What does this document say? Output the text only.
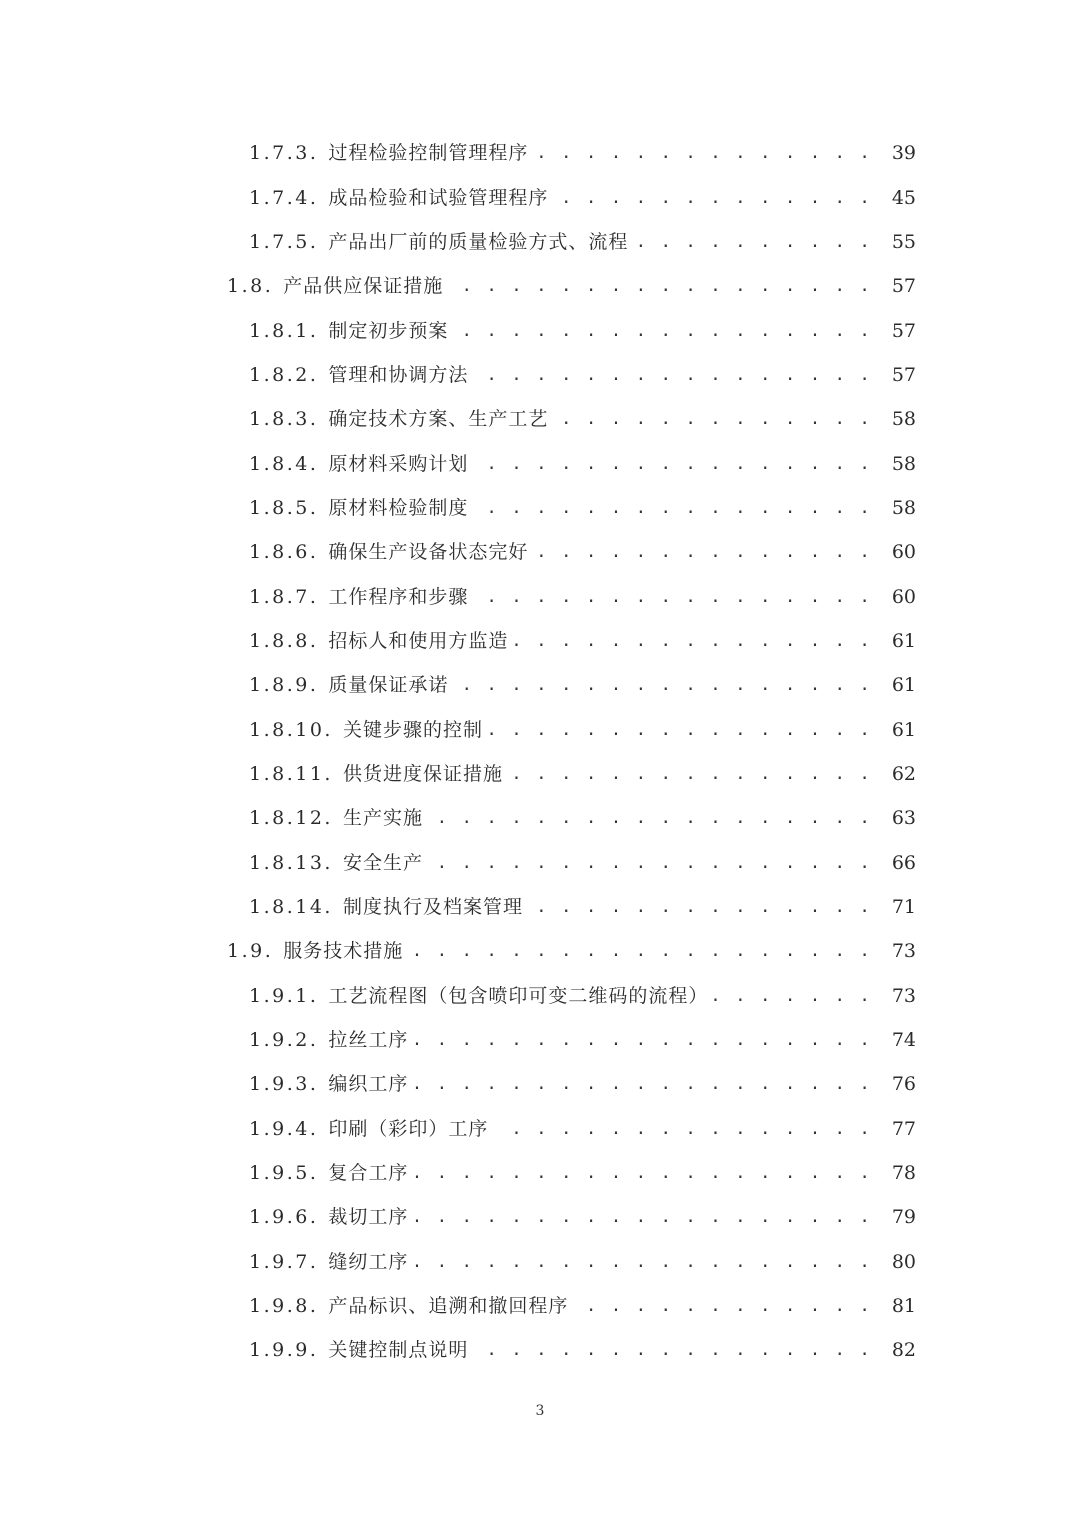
1.7.3. 过程检验控制管理程序 . . .	39
1.7.4. 成品检验和试验管理程序 . . .	45
1.7.5. 产品出厂前的质量检验方式、流程 . . .	55
1.8. 产品供应保证措施 . . .	57
1.8.1. 制定初步预案 . . .	57
1.8.2. 管理和协调方法 . . .	57
1.8.3. 确定技术方案、生产工艺 . . .	58
1.8.4. 原材料采购计划 . . .	58
1.8.5. 原材料检验制度 . . .	58
1.8.6. 确保生产设备状态完好 . . .	60
1.8.7. 工作程序和步骤 . . .	60
1.8.8. 招标人和使用方监造 . . .	61
1.8.9. 质量保证承诺 . . .	61
1.8.10. 关键步骤的控制 . . .	61
1.8.11. 供货进度保证措施 . . .	62
1.8.12. 生产实施 . . .	63
1.8.13. 安全生产 . . .	66
1.8.14. 制度执行及档案管理 . . .	71
1.9. 服务技术措施 . . .	73
1.9.1. 工艺流程图（包含喷印可变二维码的流程） . . .	73
1.9.2. 拉丝工序 . . .	74
1.9.3. 编织工序 . . .	76
1.9.4. 印刷（彩印）工序 . . .	77
1.9.5. 复合工序 . . .	78
1.9.6. 裁切工序 . . .	79
1.9.7. 缝纫工序 . . .	80
1.9.8. 产品标识、追溯和撤回程序 . . .	81
1.9.9. 关键控制点说明 . . .	82
3
